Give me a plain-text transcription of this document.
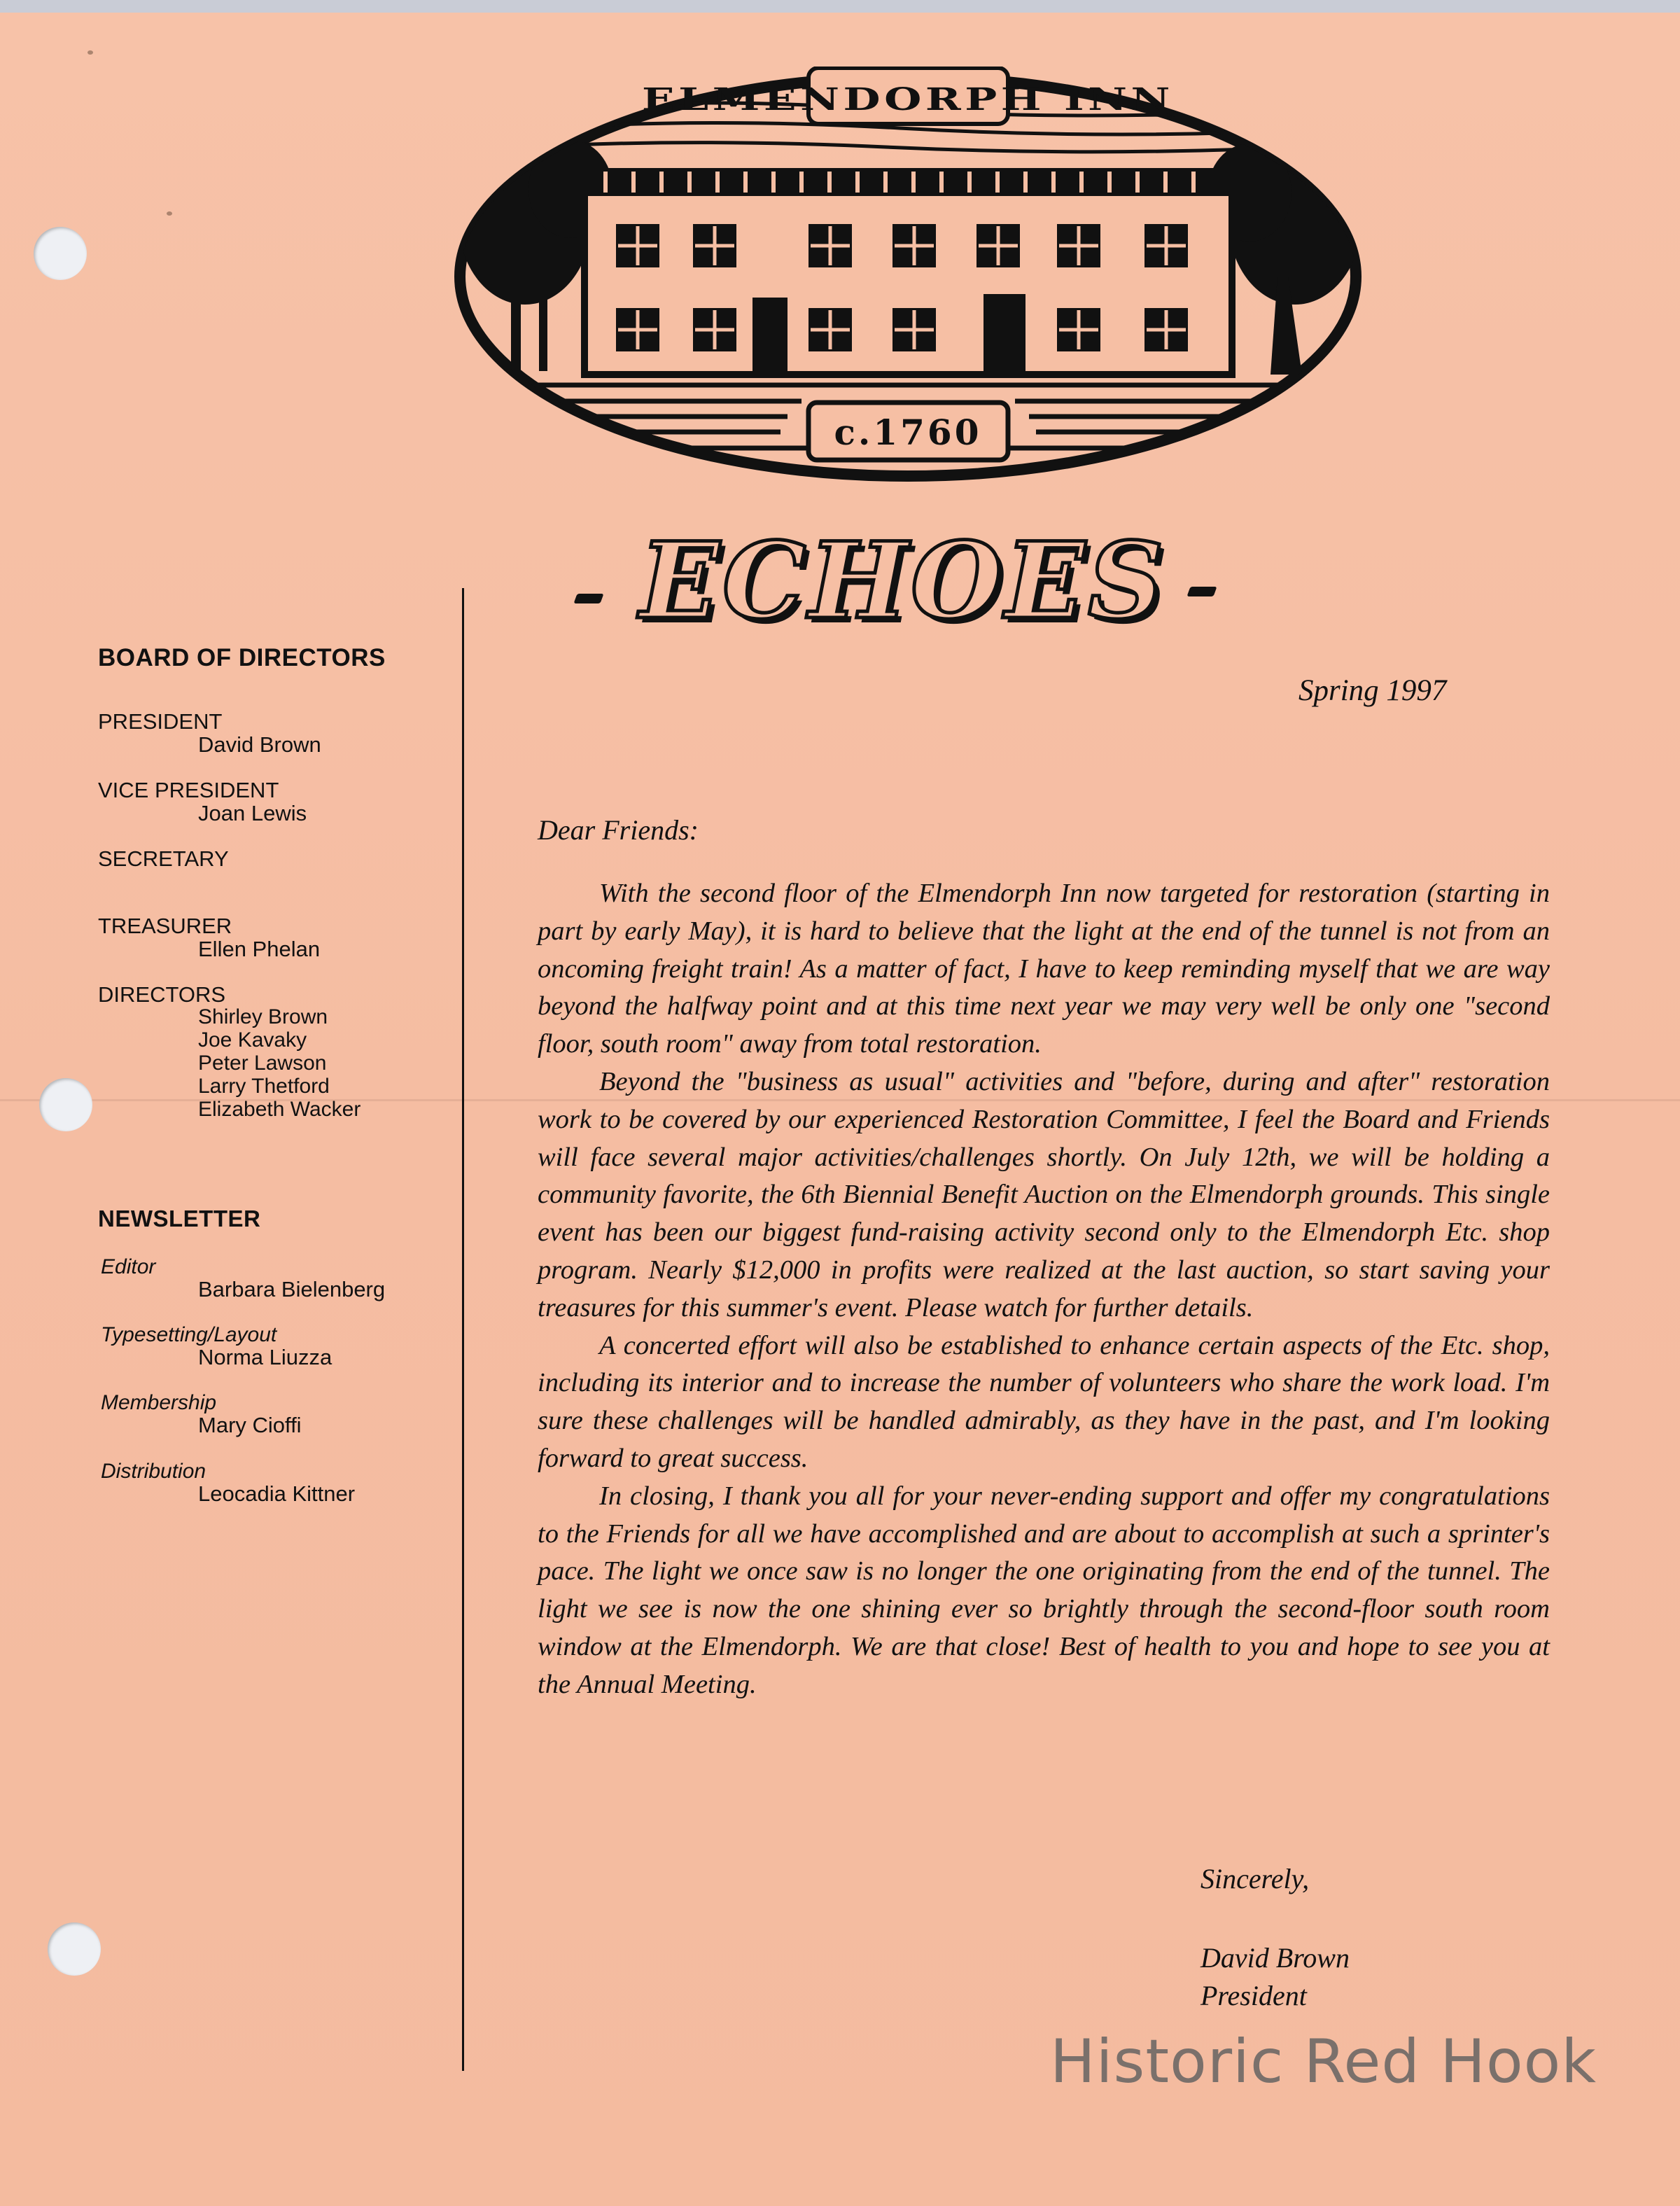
ELMENDORPH INN
c.1760
ECHOES
BOARD OF DIRECTORS
PRESIDENT
David Brown
VICE PRESIDENT
Joan Lewis
SECRETARY
TREASURER
Ellen Phelan
DIRECTORS
Shirley Brown
Joe Kavaky
Peter Lawson
Larry Thetford
Elizabeth Wacker
NEWSLETTER
Editor
Barbara Bielenberg
Typesetting/Layout
Norma Liuzza
Membership
Mary Cioffi
Distribution
Leocadia Kittner
Spring 1997
Dear Friends:

With the second floor of the Elmendorph Inn now targeted for restoration (starting in part by early May), it is hard to believe that the light at the end of the tunnel is not from an oncoming freight train! As a matter of fact, I have to keep reminding myself that we are way beyond the halfway point and at this time next year we may very well be only one "second floor, south room" away from total restoration.

Beyond the "business as usual" activities and "before, during and after" restoration work to be covered by our experienced Restoration Committee, I feel the Board and Friends will face several major activities/challenges shortly. On July 12th, we will be holding a community favorite, the 6th Biennial Benefit Auction on the Elmendorph grounds. This single event has been our biggest fund-raising activity second only to the Elmendorph Etc. shop program. Nearly $12,000 in profits were realized at the last auction, so start saving your treasures for this summer's event. Please watch for further details.

A concerted effort will also be established to enhance certain aspects of the Etc. shop, including its interior and to increase the number of volunteers who share the work load. I'm sure these challenges will be handled admirably, as they have in the past, and I'm looking forward to great success.

In closing, I thank you all for your never-ending support and offer my congratulations to the Friends for all we have accomplished and are about to accomplish at such a sprinter's pace. The light we once saw is no longer the one originating from the end of the tunnel. The light we see is now the one shining ever so brightly through the second-floor south room window at the Elmendorph. We are that close! Best of health to you and hope to see you at the Annual Meeting.

Sincerely,
David Brown
President
Historic Red Hook
